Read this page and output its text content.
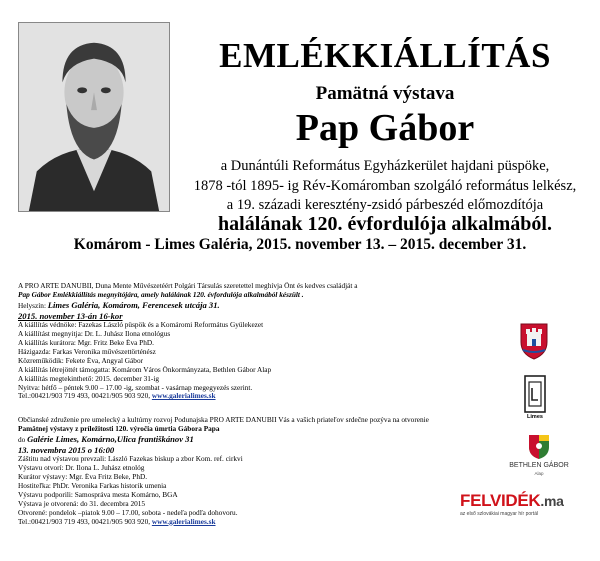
EMLÉKKIÁLLÍTÁS
Pamätná výstava
Pap Gábor
a Dunántúli Református Egyházkerület hajdani püspöke,
1878 -tól 1895- ig Rév-Komáromban szolgáló református lelkész,
a 19. századi keresztény-zsidó párbeszéd előmozdítója
halálának 120. évfordulója alkalmából.
Komárom - Limes Galéria, 2015. november 13. – 2015. december 31.
A PRO ARTE DANUBII, Duna Mente Művészetéért Polgári Társulás szeretettel meghívja Önt és kedves családját a
Pap Gábor Emlékkiállítás megnyitójára, amely halálának 120. évfordulója alkalmából készült .
Helyszín: Limes Galéria, Komárom, Ferencesek utcája 31.
2015. november 13-án 16-kor
A kiállítás védnöke: Fazekas László püspök és a Komáromi Református Gyülekezet
A kiállítást megnyitja: Dr. L. Juhász Ilona etnológus
A kiállítás kurátora: Mgr. Fritz Beke Éva PhD.
Házigazda: Farkas Veronika művészettörténész
Közreműködik: Fekete Éva, Angyal Gábor
A kiállítás létrejöttét támogatta: Komárom Város Önkormányzata, Bethlen Gábor Alap
A kiállítás megtekinthető: 2015. december 31-ig
Nyitva: hétfő – péntek 9.00 – 17.00 -ig, szombat - vasárnap megegyezés szerint.
Tel.:00421/903 719 493, 00421/905 903 920, www.galerialimes.sk
Občianské združenie pre umelecký a kultúrny rozvoj Podunajska PRO ARTE DANUBII Vás a vašich priateľov srdečne pozýva na otvorenie
Pamätnej výstavy z príležitosti 120. výročia úmrtia Gábora Papa
do Galérie Limes, Komárno,Ulica františkánov 31
13. novembra 2015 o 16:00
Záštitu nad výstavou prevzali: László Fazekas biskup a zbor Kom. ref. cirkvi
Výstavu otvorí: Dr. Ilona L. Juhász etnológ
Kurátor výstavy: Mgr. Éva Fritz Beke, PhD.
Hostiteľka: PhDr. Veronika Farkas historik umenia
Výstavu podporili: Samospráva mesta Komárno, BGA
Výstava je otvorená: do 31. decembra 2015
Otvorené: pondelok –piatok 9.00 – 17.00, sobota - nedeľa podľa dohovoru.
Tel.:00421/903 719 493, 00421/905 903 920, www.galerialimes.sk
Limes
BETHLEN GÁBOR
Alap
FELVIDÉK.ma
az első szlovákiai magyar hír portál
